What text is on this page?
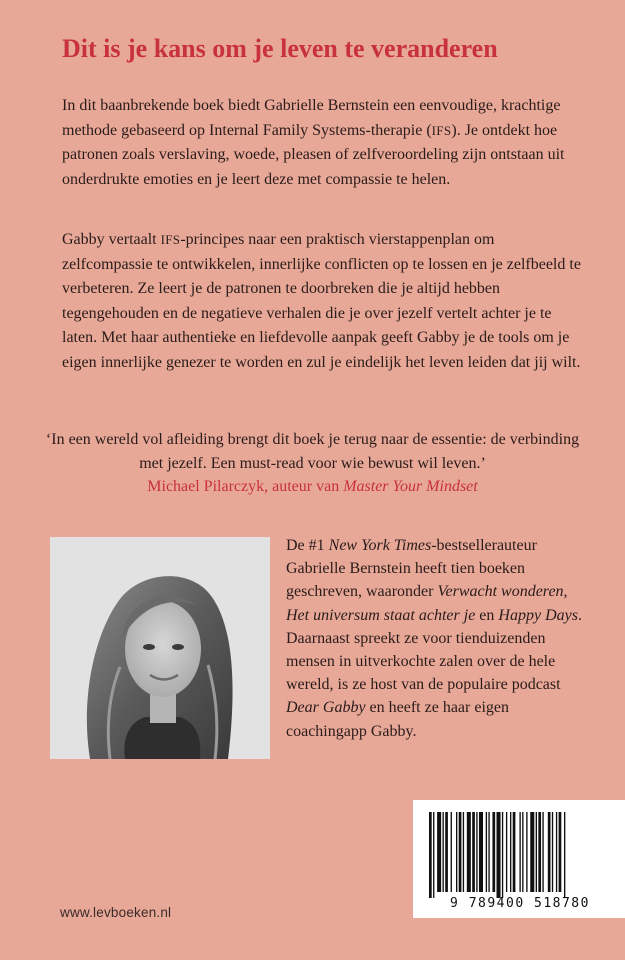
Dit is je kans om je leven te veranderen

In dit baanbrekende boek biedt Gabrielle Bernstein een eenvoudige, krachtige methode gebaseerd op Internal Family Systems-therapie (IFS). Je ontdekt hoe patronen zoals verslaving, woede, pleasen of zelfveroordeling zijn ontstaan uit onderdrukte emoties en je leert deze met compassie te helen.

Gabby vertaalt IFS-principes naar een praktisch vierstappenplan om zelfcompassie te ontwikkelen, innerlijke conflicten op te lossen en je zelfbeeld te verbeteren. Ze leert je de patronen te doorbreken die je altijd hebben tegengehouden en de negatieve verhalen die je over jezelf vertelt achter je te laten. Met haar authentieke en liefdevolle aanpak geeft Gabby je de tools om je eigen innerlijke genezer te worden en zul je eindelijk het leven leiden dat jij wilt.

‘In een wereld vol afleiding brengt dit boek je terug naar de essentie: de verbinding met jezelf. Een must-read voor wie bewust wil leven.’
Michael Pilarczyk, auteur van Master Your Mindset

De #1 New York Times-bestsellerauteur Gabrielle Bernstein heeft tien boeken geschreven, waaronder Verwacht wonderen, Het universum staat achter je en Happy Days. Daarnaast spreekt ze voor tienduizenden mensen in uitverkochte zalen over de hele wereld, is ze host van de populaire podcast Dear Gabby en heeft ze haar eigen coachingapp Gabby.

www.levboeken.nl
9 789400 518780
